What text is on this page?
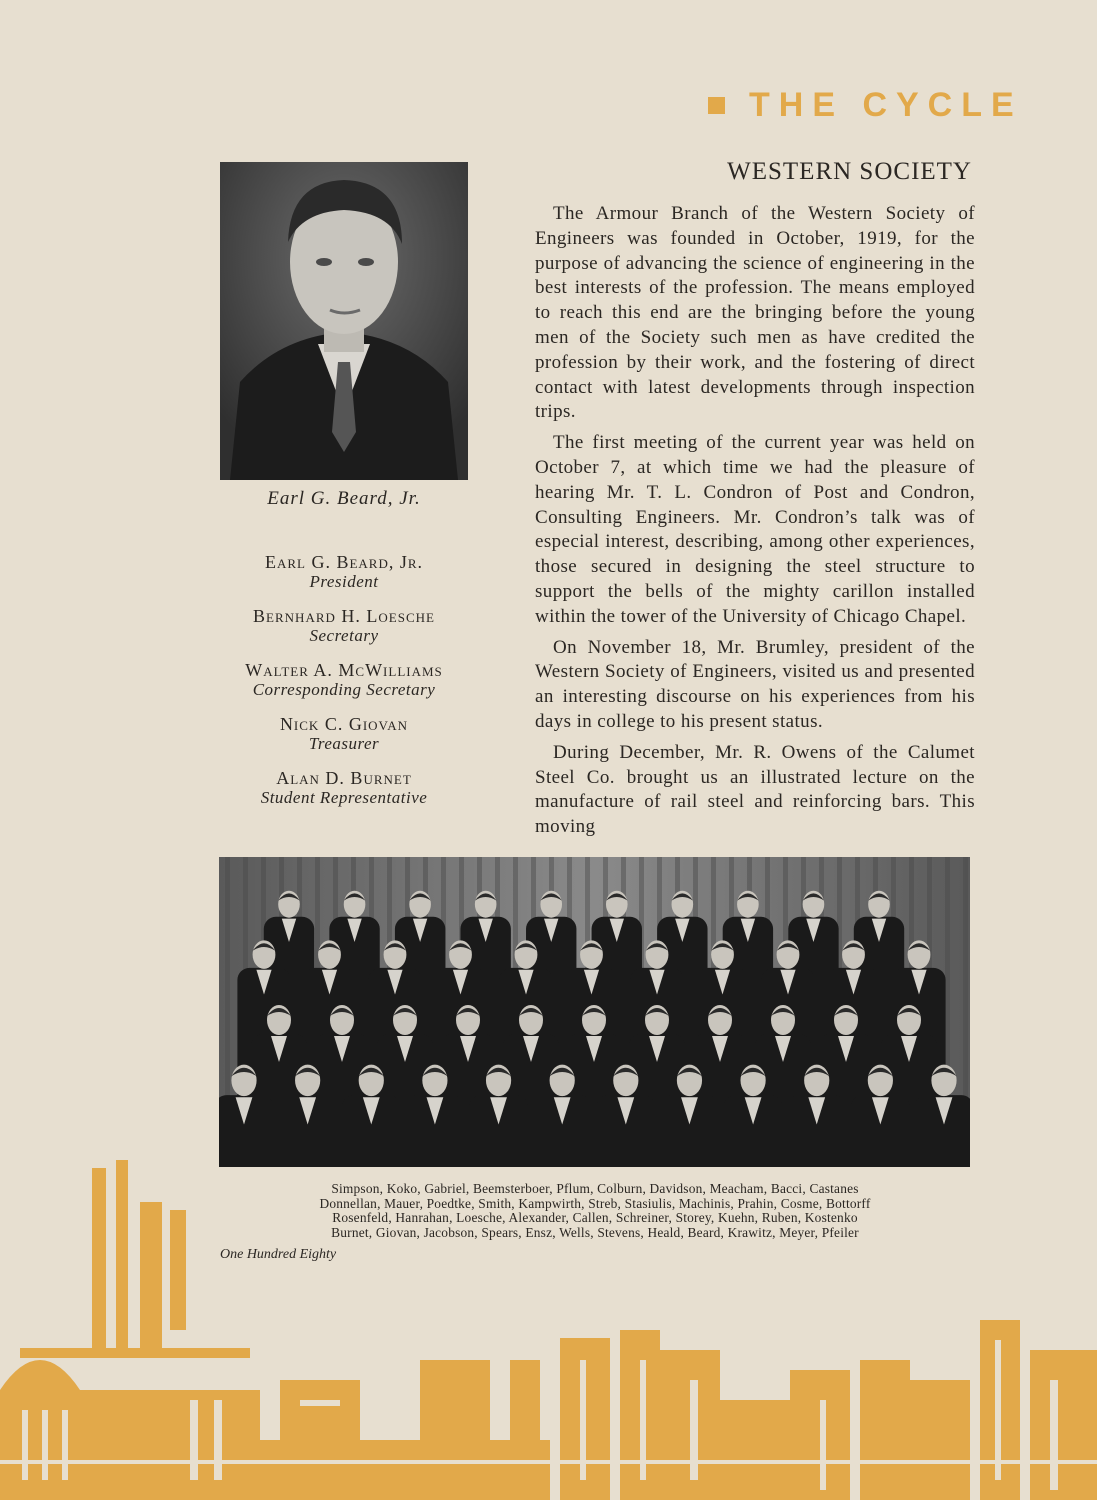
THE CYCLE
Earl G. Beard, Jr.
Earl G. Beard, Jr.
President
Bernhard H. Loesche
Secretary
Walter A. McWilliams
Corresponding Secretary
Nick C. Giovan
Treasurer
Alan D. Burnet
Student Representative
WESTERN SOCIETY

The Armour Branch of the Western Society of Engineers was founded in October, 1919, for the purpose of advancing the science of engineering in the best interests of the profession. The means employed to reach this end are the bringing before the young men of the Society such men as have credited the profession by their work, and the fostering of direct contact with latest developments through inspection trips.

The first meeting of the current year was held on October 7, at which time we had the pleasure of hearing Mr. T. L. Condron of Post and Condron, Consulting Engineers. Mr. Condron’s talk was of especial interest, describing, among other experiences, those secured in designing the steel structure to support the bells of the mighty carillon installed within the tower of the University of Chicago Chapel.

On November 18, Mr. Brumley, president of the Western Society of Engineers, visited us and presented an interesting discourse on his experiences from his days in college to his present status.

During December, Mr. R. Owens of the Calumet Steel Co. brought us an illustrated lecture on the manufacture of rail steel and reinforcing bars. This moving

Simpson, Koko, Gabriel, Beemsterboer, Pflum, Colburn, Davidson, Meacham, Bacci, Castanes
Donnellan, Mauer, Poedtke, Smith, Kampwirth, Streb, Stasiulis, Machinis, Prahin, Cosme, Bottorff
Rosenfeld, Hanrahan, Loesche, Alexander, Callen, Schreiner, Storey, Kuehn, Ruben, Kostenko
Burnet, Giovan, Jacobson, Spears, Ensz, Wells, Stevens, Heald, Beard, Krawitz, Meyer, Pfeiler
One Hundred Eighty
